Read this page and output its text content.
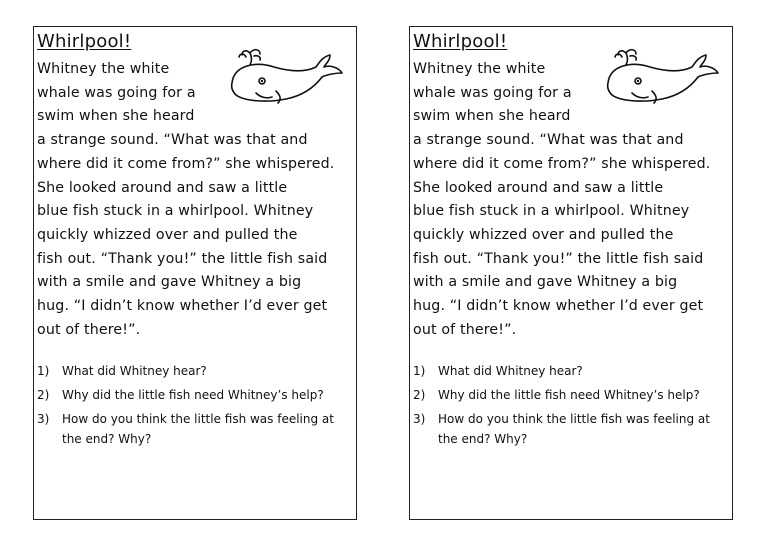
Whirlpool!

Whitney the white
whale was going for a
swim when she heard
a strange sound. “What was that and
where did it come from?” she whispered.
She looked around and saw a little
blue fish stuck in a whirlpool. Whitney
quickly whizzed over and pulled the
fish out. “Thank you!” the little fish said
with a smile and gave Whitney a big
hug. “I didn’t know whether I’d ever get
out of there!”.

1)	What did Whitney hear?
2)	Why did the little fish need Whitney’s help?
3)	How do you think the little fish was feeling at the end? Why?
Whirlpool!

Whitney the white
whale was going for a
swim when she heard
a strange sound. “What was that and
where did it come from?” she whispered.
She looked around and saw a little
blue fish stuck in a whirlpool. Whitney
quickly whizzed over and pulled the
fish out. “Thank you!” the little fish said
with a smile and gave Whitney a big
hug. “I didn’t know whether I’d ever get
out of there!”.

1)	What did Whitney hear?
2)	Why did the little fish need Whitney’s help?
3)	How do you think the little fish was feeling at the end? Why?
